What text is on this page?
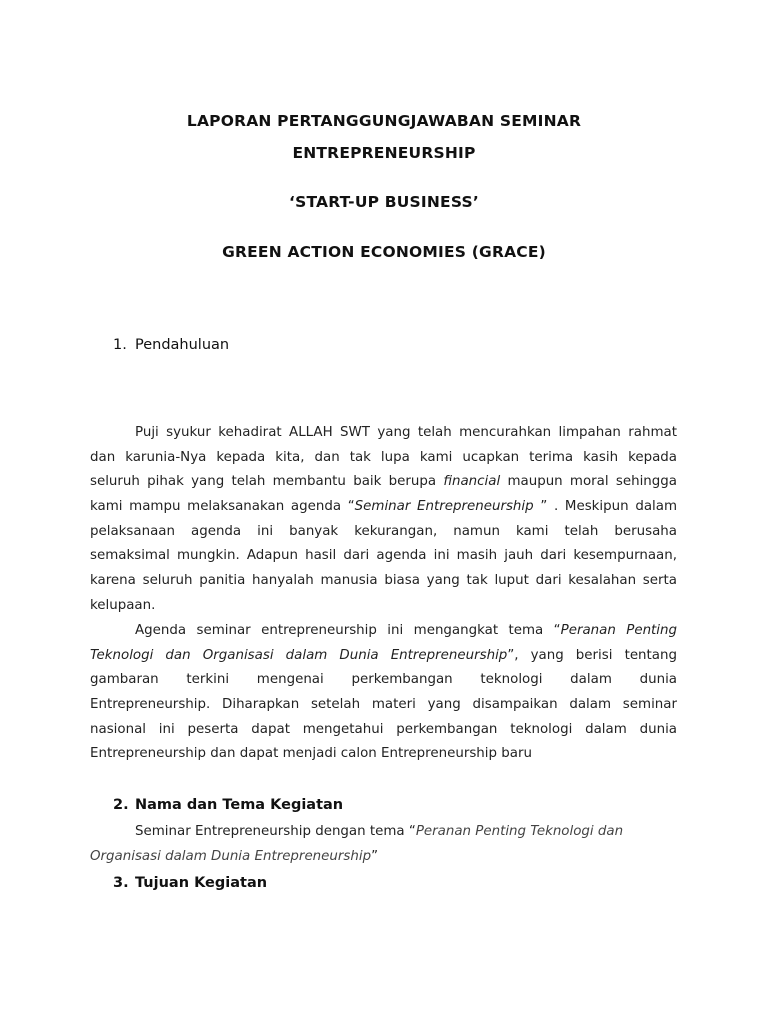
LAPORAN PERTANGGUNGJAWABAN SEMINAR
ENTREPRENEURSHIP
‘START-UP BUSINESS’
GREEN ACTION ECONOMIES (GRACE)
1. Pendahuluan
Puji syukur kehadirat ALLAH SWT yang telah mencurahkan limpahan rahmat
dan karunia-Nya kepada kita, dan tak lupa kami ucapkan terima kasih kepada
seluruh pihak yang telah membantu baik berupa financial maupun moral sehingga
kami mampu melaksanakan agenda “Seminar Entrepreneurship ” . Meskipun dalam
pelaksanaan agenda ini banyak kekurangan, namun kami telah berusaha
semaksimal mungkin. Adapun hasil dari agenda ini masih jauh dari kesempurnaan,
karena seluruh panitia hanyalah manusia biasa yang tak luput dari kesalahan serta
kelupaan.
Agenda seminar entrepreneurship ini mengangkat tema “Peranan Penting
Teknologi dan Organisasi dalam Dunia Entrepreneurship”, yang berisi tentang
gambaran terkini mengenai perkembangan teknologi dalam dunia
Entrepreneurship. Diharapkan setelah materi yang disampaikan dalam seminar
nasional ini peserta dapat mengetahui perkembangan teknologi dalam dunia
Entrepreneurship dan dapat menjadi calon Entrepreneurship baru
2. Nama dan Tema Kegiatan
Seminar Entrepreneurship dengan tema “Peranan Penting Teknologi dan
Organisasi dalam Dunia Entrepreneurship”
3. Tujuan Kegiatan
